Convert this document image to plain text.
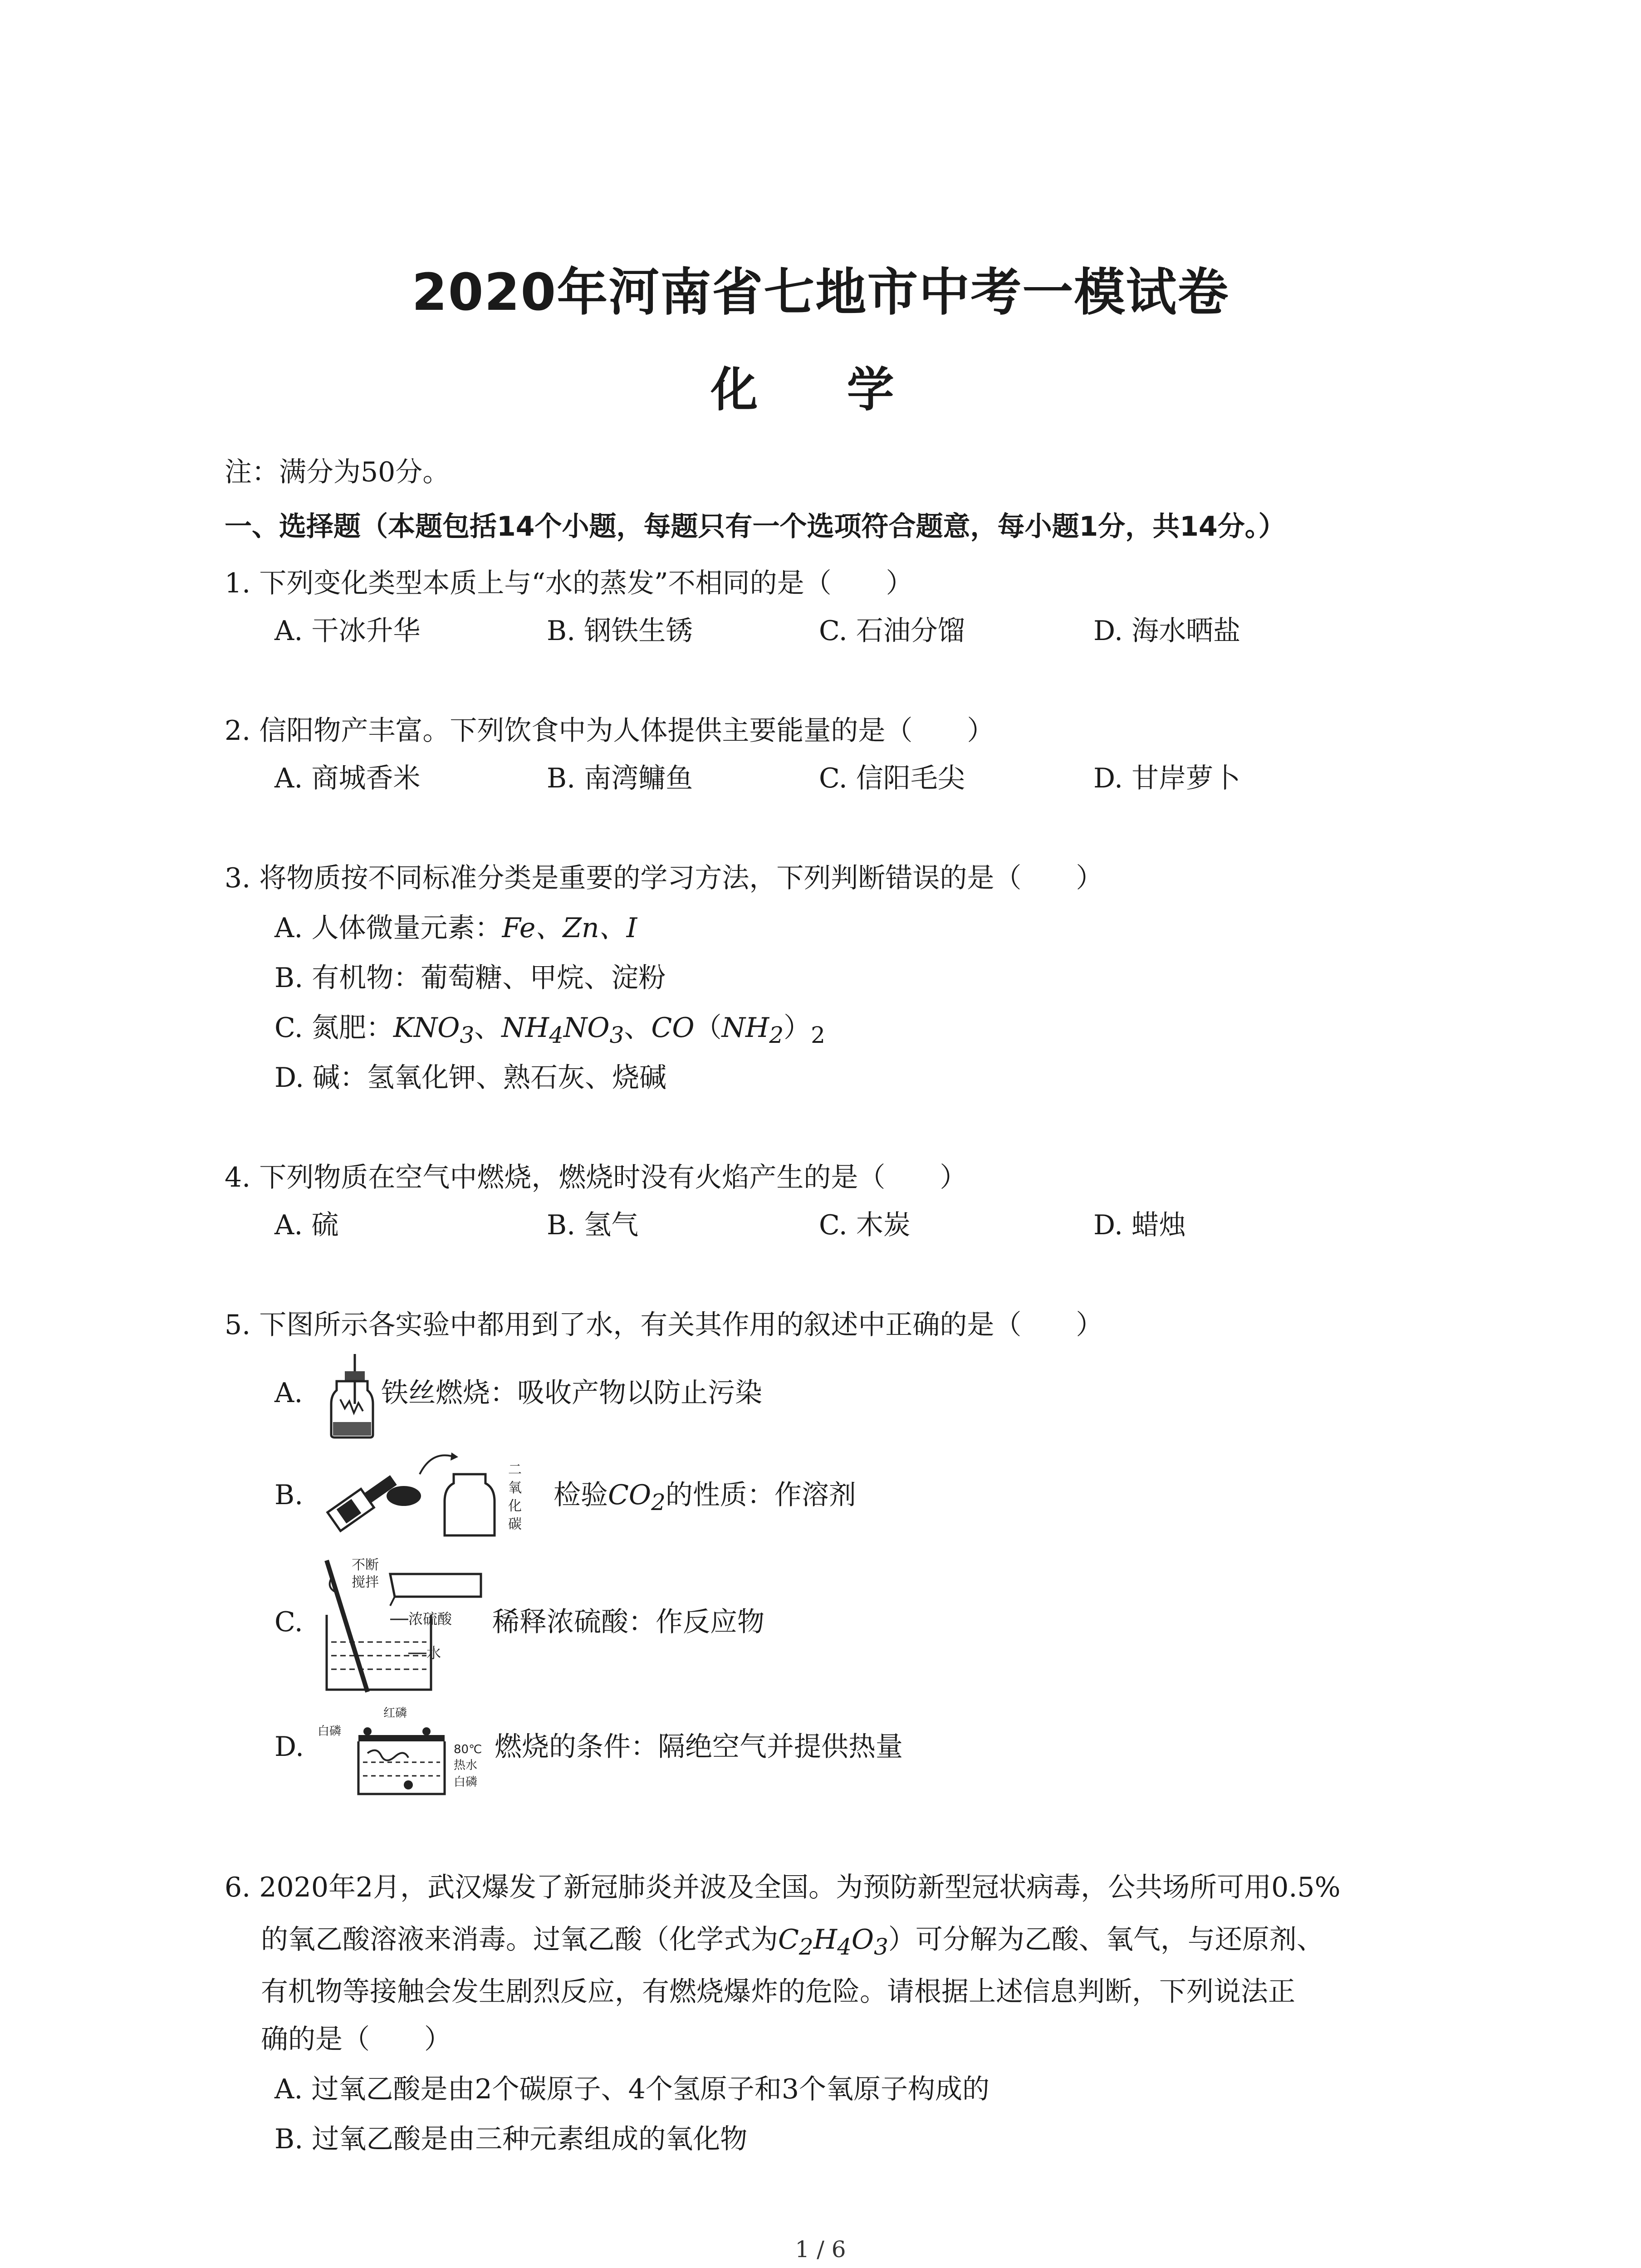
2020年河南省七地市中考一模试卷
化 学
注：满分为50分。
一、选择题（本题包括14个小题，每题只有一个选项符合题意，每小题1分，共14分。）
1. 下列变化类型本质上与“水的蒸发”不相同的是（　　）
A. 干冰升华	B. 钢铁生锈	C. 石油分馏	D. 海水晒盐
2. 信阳物产丰富。下列饮食中为人体提供主要能量的是（　　）
A. 商城香米	B. 南湾鳙鱼	C. 信阳毛尖	D. 甘岸萝卜
3. 将物质按不同标准分类是重要的学习方法，下列判断错误的是（　　）
A. 人体微量元素：Fe、Zn、I
B. 有机物：葡萄糖、甲烷、淀粉
C. 氮肥：$KNO_3$、$NH_4NO_3$、$CO(NH_2)_2$
D. 碱：氢氧化钾、熟石灰、烧碱
4. 下列物质在空气中燃烧，燃烧时没有火焰产生的是（　　）
A. 硫	B. 氢气	C. 木炭	D. 蜡烛
5. 下图所示各实验中都用到了水，有关其作用的叙述中正确的是（　　）
A.	铁丝燃烧：吸收产物以防止污染
B.
二
氧
化
碳
检验$CO_2$的性质：作溶剂
C.
不断
搅拌
浓硫酸
水
稀释浓硫酸：作反应物
D.
红磷
白磷
80℃
热水
白磷
燃烧的条件：隔绝空气并提供热量
6. 2020年2月，武汉爆发了新冠肺炎并波及全国。为预防新型冠状病毒，公共场所可用0.5%
的氧乙酸溶液来消毒。过氧乙酸（化学式为$C_2H_4O_3$）可分解为乙酸、氧气，与还原剂、
有机物等接触会发生剧烈反应，有燃烧爆炸的危险。请根据上述信息判断，下列说法正
确的是（　　）
A. 过氧乙酸是由2个碳原子、4个氢原子和3个氧原子构成的
B. 过氧乙酸是由三种元素组成的氧化物
1 / 6
